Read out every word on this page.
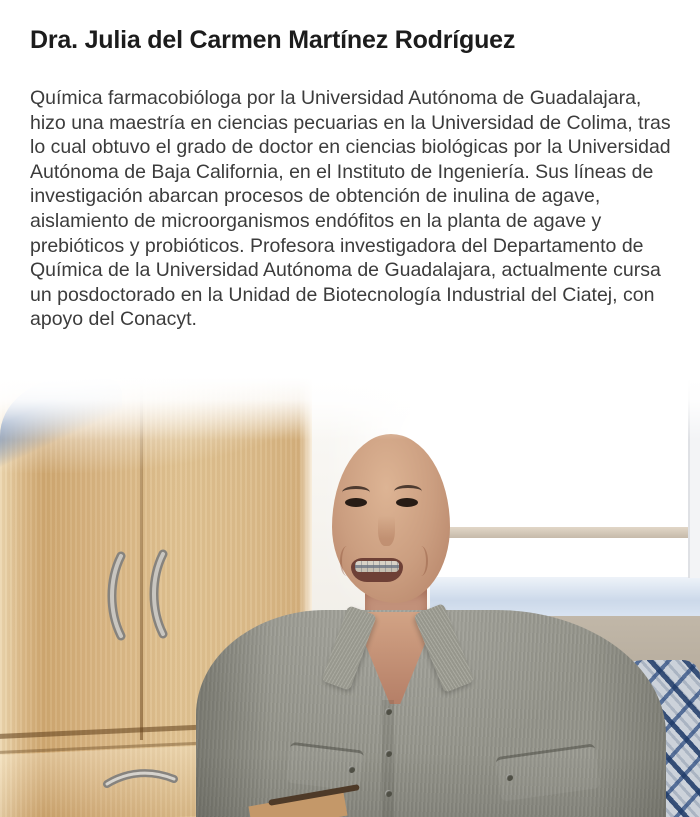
Dra. Julia del Carmen Martínez Rodríguez

Química farmacobióloga por la Universidad Autónoma de Guadalajara, hizo una maestría en ciencias pecuarias en la Universidad de Colima, tras lo cual obtuvo el grado de doctor en ciencias biológicas por la Universidad Autónoma de Baja California, en el Instituto de Ingeniería. Sus líneas de investigación abarcan procesos de obtención de inulina de agave, aislamiento de microorganismos endófitos en la planta de agave y prebióticos y probióticos. Profesora investigadora del Departamento de Química de la Universidad Autónoma de Guadalajara, actualmente cursa un posdoctorado en la Unidad de Biotecnología Industrial del Ciatej, con apoyo del Conacyt.
